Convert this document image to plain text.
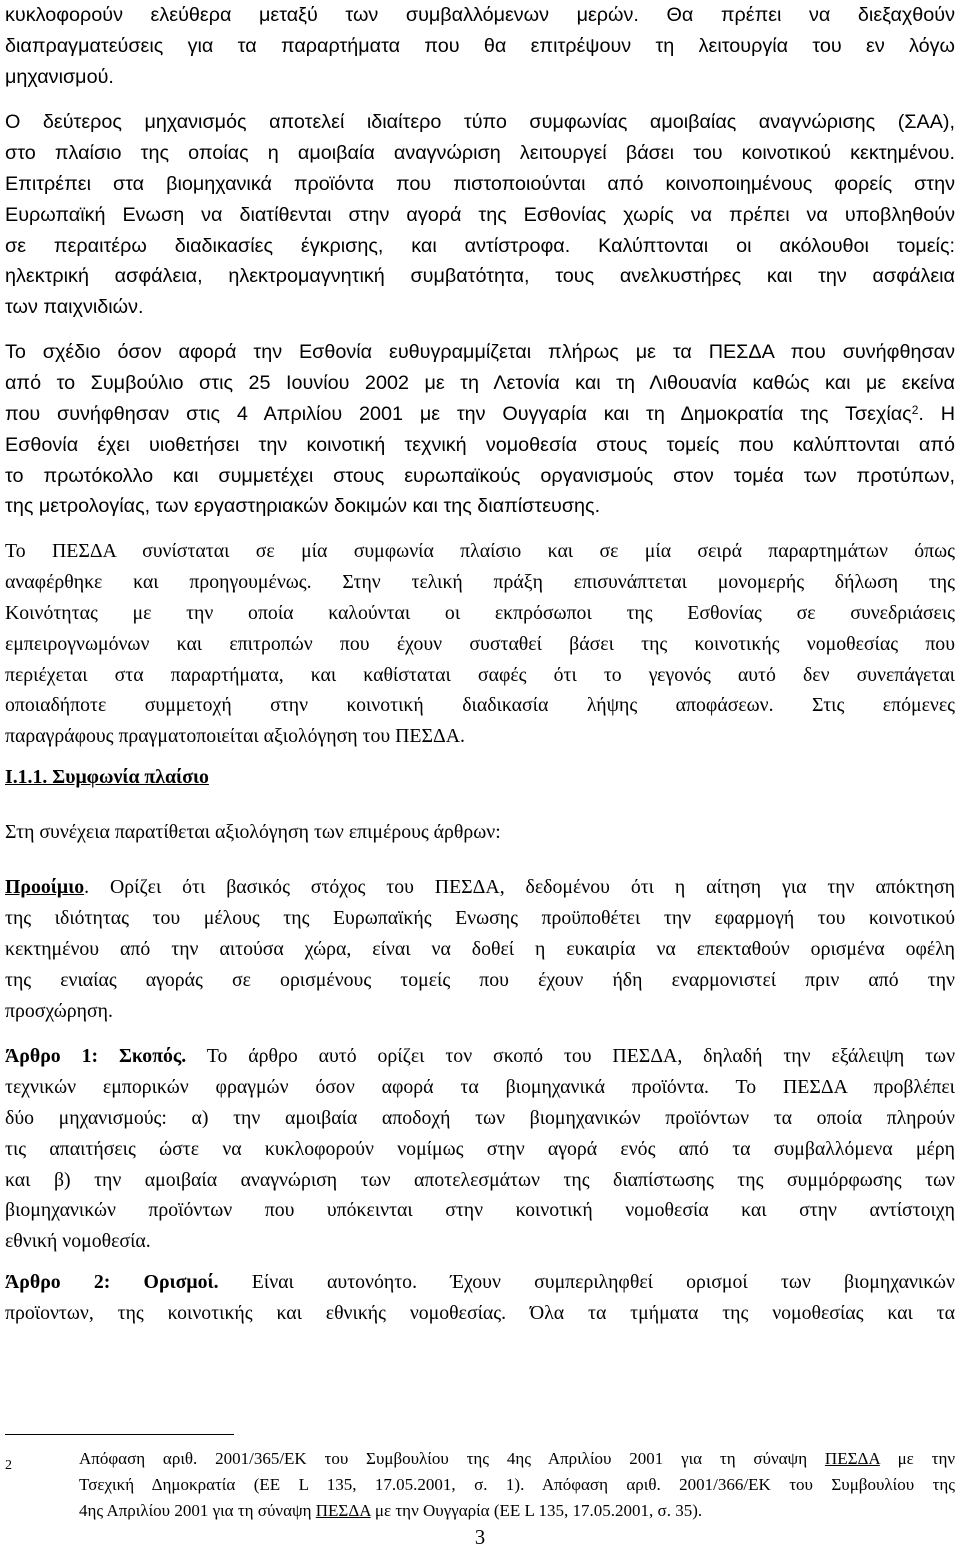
κυκλοφορούν ελεύθερα μεταξύ των συμβαλλόμενων μερών. Θα πρέπει να διεξαχθούν
διαπραγματεύσεις για τα παραρτήματα που θα επιτρέψουν τη λειτουργία του εν λόγω
μηχανισμού.
Ο δεύτερος μηχανισμός αποτελεί ιδιαίτερο τύπο συμφωνίας αμοιβαίας αναγνώρισης (ΣΑΑ),
στο πλαίσιο της οποίας η αμοιβαία αναγνώριση λειτουργεί βάσει του κοινοτικού κεκτημένου.
Επιτρέπει στα βιομηχανικά προϊόντα που πιστοποιούνται από κοινοποιημένους φορείς στην
Ευρωπαϊκή Ενωση να διατίθενται στην αγορά της Εσθονίας χωρίς να πρέπει να υποβληθούν
σε περαιτέρω διαδικασίες έγκρισης, και αντίστροφα. Καλύπτονται οι ακόλουθοι τομείς:
ηλεκτρική ασφάλεια, ηλεκτρομαγνητική συμβατότητα, τους ανελκυστήρες και την ασφάλεια
των παιχνιδιών.
Το σχέδιο όσον αφορά την Εσθονία ευθυγραμμίζεται πλήρως με τα ΠΕΣΔΑ που συνήφθησαν
από το Συμβούλιο στις 25 Ιουνίου 2002 με τη Λετονία και τη Λιθουανία καθώς και με εκείνα
που συνήφθησαν στις 4 Απριλίου 2001 με την Ουγγαρία και τη Δημοκρατία της Τσεχίας$^2$. Η
Εσθονία έχει υιοθετήσει την κοινοτική τεχνική νομοθεσία στους τομείς που καλύπτονται από
το πρωτόκολλο και συμμετέχει στους ευρωπαϊκούς οργανισμούς στον τομέα των προτύπων,
της μετρολογίας, των εργαστηριακών δοκιμών και της διαπίστευσης.
Το ΠΕΣΔΑ συνίσταται σε μία συμφωνία πλαίσιο και σε μία σειρά παραρτημάτων όπως
αναφέρθηκε και προηγουμένως. Στην τελική πράξη επισυνάπτεται μονομερής δήλωση της
Κοινότητας με την οποία καλούνται οι εκπρόσωποι της Εσθονίας σε συνεδριάσεις
εμπειρογνωμόνων και επιτροπών που έχουν συσταθεί βάσει της κοινοτικής νομοθεσίας που
περιέχεται στα παραρτήματα, και καθίσταται σαφές ότι το γεγονός αυτό δεν συνεπάγεται
οποιαδήποτε συμμετοχή στην κοινοτική διαδικασία λήψης αποφάσεων. Στις επόμενες
παραγράφους πραγματοποιείται αξιολόγηση του ΠΕΣΔΑ.
I.1.1. Συμφωνία πλαίσιο
Στη συνέχεια παρατίθεται αξιολόγηση των επιμέρους άρθρων:
Προοίμιο. Ορίζει ότι βασικός στόχος του ΠΕΣΔΑ, δεδομένου ότι η αίτηση για την απόκτηση
της ιδιότητας του μέλους της Ευρωπαϊκής Ενωσης προϋποθέτει την εφαρμογή του κοινοτικού
κεκτημένου από την αιτούσα χώρα, είναι να δοθεί η ευκαιρία να επεκταθούν ορισμένα οφέλη
της ενιαίας αγοράς σε ορισμένους τομείς που έχουν ήδη εναρμονιστεί πριν από την
προσχώρηση.
Άρθρο 1: Σκοπός. Το άρθρο αυτό ορίζει τον σκοπό του ΠΕΣΔΑ, δηλαδή την εξάλειψη των
τεχνικών εμπορικών φραγμών όσον αφορά τα βιομηχανικά προϊόντα. Το ΠΕΣΔΑ προβλέπει
δύο μηχανισμούς: α) την αμοιβαία αποδοχή των βιομηχανικών προϊόντων τα οποία πληρούν
τις απαιτήσεις ώστε να κυκλοφορούν νομίμως στην αγορά ενός από τα συμβαλλόμενα μέρη
και β) την αμοιβαία αναγνώριση των αποτελεσμάτων της διαπίστωσης της συμμόρφωσης των
βιομηχανικών προϊόντων που υπόκεινται στην κοινοτική νομοθεσία και στην αντίστοιχη
εθνική νομοθεσία.
Άρθρο 2: Ορισμοί. Είναι αυτονόητο. Έχουν συμπεριληφθεί ορισμοί των βιομηχανικών
προϊοντων, της κοινοτικής και εθνικής νομοθεσίας. Όλα τα τμήματα της νομοθεσίας και τα
2	Απόφαση αριθ. 2001/365/ΕΚ του Συμβουλίου της 4ης Απριλίου 2001 για τη σύναψη ΠΕΣΔΑ με την
Τσεχική Δημοκρατία (ΕΕ L 135, 17.05.2001, σ. 1). Απόφαση αριθ. 2001/366/ΕΚ του Συμβουλίου της
4ης Απριλίου 2001 για τη σύναψη ΠΕΣΔΑ με την Ουγγαρία (ΕΕ L 135, 17.05.2001, σ. 35).
3
